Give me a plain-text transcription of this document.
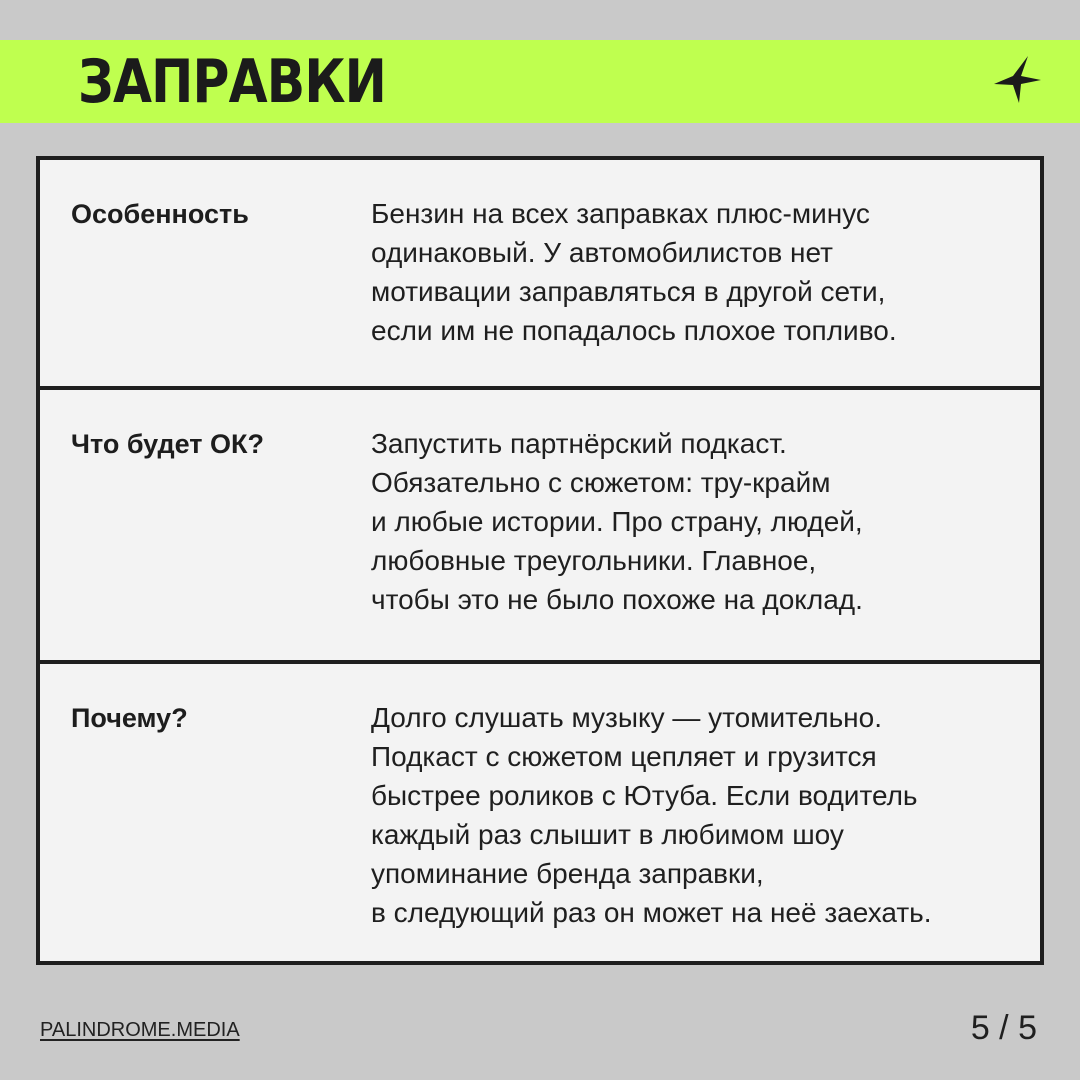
ЗАПРАВКИ
Особенность	Бензин на всех заправках плюс-минус
одинаковый. У автомобилистов нет
мотивации заправляться в другой сети,
если им не попадалось плохое топливо.
Что будет ОК?	Запустить партнёрский подкаст.
Обязательно с сюжетом: тру-крайм
и любые истории. Про страну, людей,
любовные треугольники. Главное,
чтобы это не было похоже на доклад.
Почему?	Долго слушать музыку — утомительно.
Подкаст с сюжетом цепляет и грузится
быстрее роликов с Ютуба. Если водитель
каждый раз слышит в любимом шоу
упоминание бренда заправки,
в следующий раз он может на неё заехать.
PALINDROME.MEDIA	5 / 5
